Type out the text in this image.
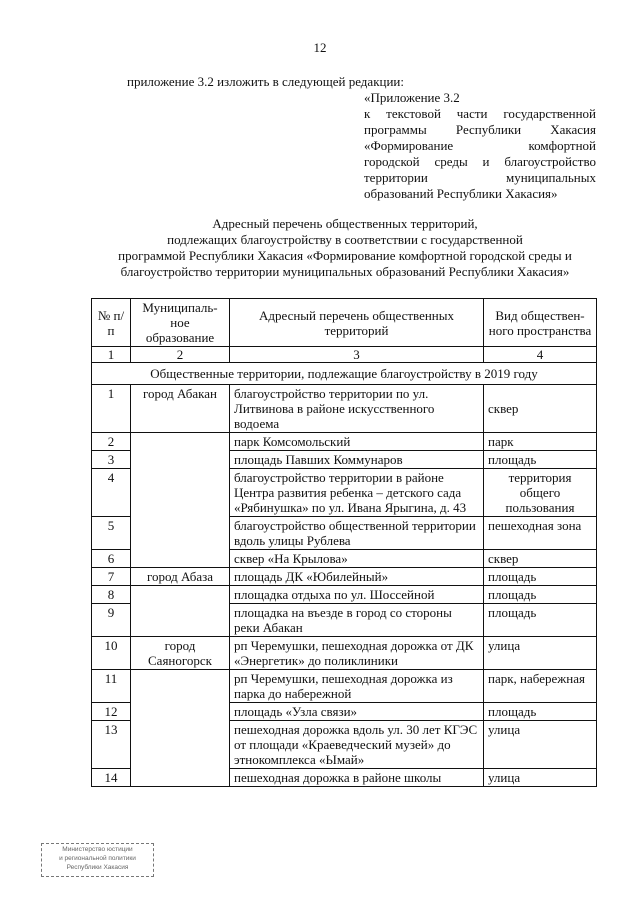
12
приложение 3.2 изложить в следующей редакции:
«Приложение 3.2
к текстовой части государственной
программы Республики Хакасия
«Формирование комфортной
городской среды и благоустройство
территории муниципальных
образований Республики Хакасия»
Адресный перечень общественных территорий,
подлежащих благоустройству в соответствии с государственной
программой Республики Хакасия «Формирование комфортной городской среды и
благоустройство территории муниципальных образований Республики Хакасия»
№ п/п	Муниципаль-ное образование	Адресный перечень общественных территорий	Вид обществен-ного пространства
1	2	3	4
Общественные территории, подлежащие благоустройству в 2019 году			
1	город Абакан	благоустройство территории по ул. Литвинова в районе искусственного водоема	сквер
2		парк Комсомольский	парк
3		площадь Павших Коммунаров	площадь
4		благоустройство территории в районе Центра развития ребенка – детского сада «Рябинушка» по ул. Ивана Ярыгина, д. 43	территория общего пользования
5		благоустройство общественной территории вдоль улицы Рублева	пешеходная зона
6		сквер «На Крылова»	сквер
7	город Абаза	площадь ДК «Юбилейный»	площадь
8		площадка отдыха по ул. Шоссейной	площадь
9		площадка на въезде в город со стороны реки Абакан	площадь
10	город Саяногорск	рп Черемушки, пешеходная дорожка от ДК «Энергетик» до поликлиники	улица
11		рп Черемушки, пешеходная дорожка из парка до набережной	парк, набережная
12		площадь «Узла связи»	площадь
13		пешеходная дорожка вдоль ул. 30 лет КГЭС от площади «Краеведческий музей» до этнокомплекса «Ымай»	улица
14		пешеходная дорожка в районе школы	улица
Министерство юстиции
и региональной политики
Республики Хакасия
